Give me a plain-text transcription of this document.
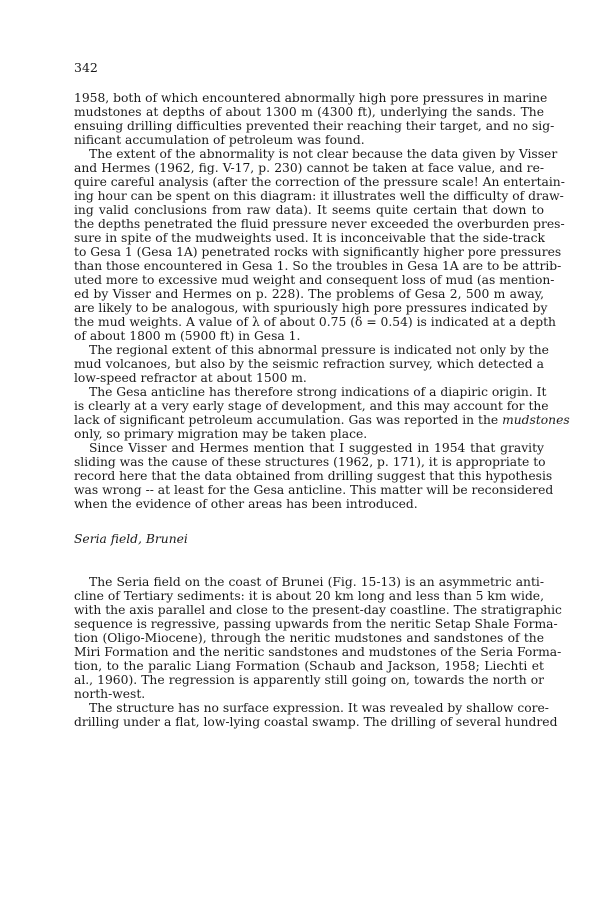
342

1958, both of which encountered abnormally high pore pressures in marine

mudstones at depths of about 1300 m (4300 ft), underlying the sands. The

ensuing drilling difficulties prevented their reaching their target, and no sig-

nificant accumulation of petroleum was found.

The extent of the abnormality is not clear because the data given by Visser

and Hermes (1962, fig. V-17, p. 230) cannot be taken at face value, and re-

quire careful analysis (after the correction of the pressure scale! An entertain-

ing hour can be spent on this diagram: it illustrates well the difficulty of draw-

ing valid conclusions from raw data). It seems quite certain that down to

the depths penetrated the fluid pressure never exceeded the overburden pres-

sure in spite of the mudweights used. It is inconceivable that the side-track

to Gesa 1 (Gesa 1A) penetrated rocks with significantly higher pore pressures

than those encountered in Gesa 1. So the troubles in Gesa 1A are to be attrib-

uted more to excessive mud weight and consequent loss of mud (as mention-

ed by Visser and Hermes on p. 228). The problems of Gesa 2, 500 m away,

are likely to be analogous, with spuriously high pore pressures indicated by

the mud weights. A value of λ of about 0.75 (δ = 0.54) is indicated at a depth

of about 1800 m (5900 ft) in Gesa 1.

The regional extent of this abnormal pressure is indicated not only by the

mud volcanoes, but also by the seismic refraction survey, which detected a

low-speed refractor at about 1500 m.

The Gesa anticline has therefore strong indications of a diapiric origin. It

is clearly at a very early stage of development, and this may account for the

lack of significant petroleum accumulation. Gas was reported in the mudstones

only, so primary migration may be taken place.

Since Visser and Hermes mention that I suggested in 1954 that gravity

sliding was the cause of these structures (1962, p. 171), it is appropriate to

record here that the data obtained from drilling suggest that this hypothesis

was wrong -- at least for the Gesa anticline. This matter will be reconsidered

when the evidence of other areas has been introduced.

Seria field, Brunei

The Seria field on the coast of Brunei (Fig. 15-13) is an asymmetric anti-

cline of Tertiary sediments: it is about 20 km long and less than 5 km wide,

with the axis parallel and close to the present-day coastline. The stratigraphic

sequence is regressive, passing upwards from the neritic Setap Shale Forma-

tion (Oligo-Miocene), through the neritic mudstones and sandstones of the

Miri Formation and the neritic sandstones and mudstones of the Seria Forma-

tion, to the paralic Liang Formation (Schaub and Jackson, 1958; Liechti et

al., 1960). The regression is apparently still going on, towards the north or

north-west.

The structure has no surface expression. It was revealed by shallow core-

drilling under a flat, low-lying coastal swamp. The drilling of several hundred
